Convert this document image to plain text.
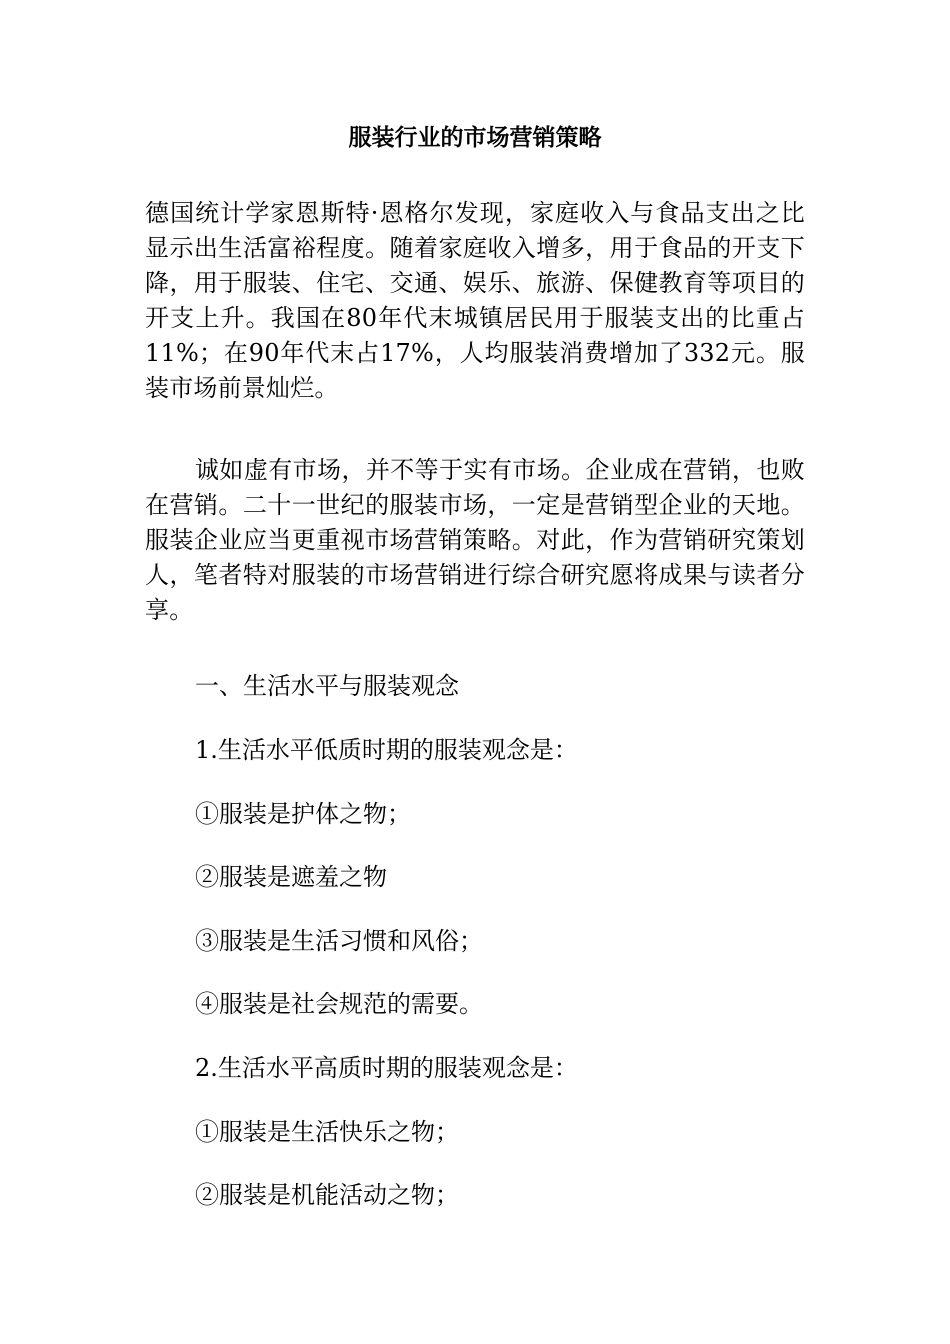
服装行业的市场营销策略

德国统计学家恩斯特·恩格尔发现，家庭收入与食品支出之比显示出生活富裕程度。随着家庭收入增多，用于食品的开支下降，用于服装、住宅、交通、娱乐、旅游、保健教育等项目的开支上升。我国在80年代末城镇居民用于服装支出的比重占11%；在90年代末占17%，人均服装消费增加了332元。服装市场前景灿烂。

诚如虚有市场，并不等于实有市场。企业成在营销，也败在营销。二十一世纪的服装市场，一定是营销型企业的天地。服装企业应当更重视市场营销策略。对此，作为营销研究策划人，笔者特对服装的市场营销进行综合研究愿将成果与读者分享。

一、生活水平与服装观念

1.生活水平低质时期的服装观念是：

①服装是护体之物；

②服装是遮羞之物

③服装是生活习惯和风俗；

④服装是社会规范的需要。

2.生活水平高质时期的服装观念是：

①服装是生活快乐之物；

②服装是机能活动之物；
